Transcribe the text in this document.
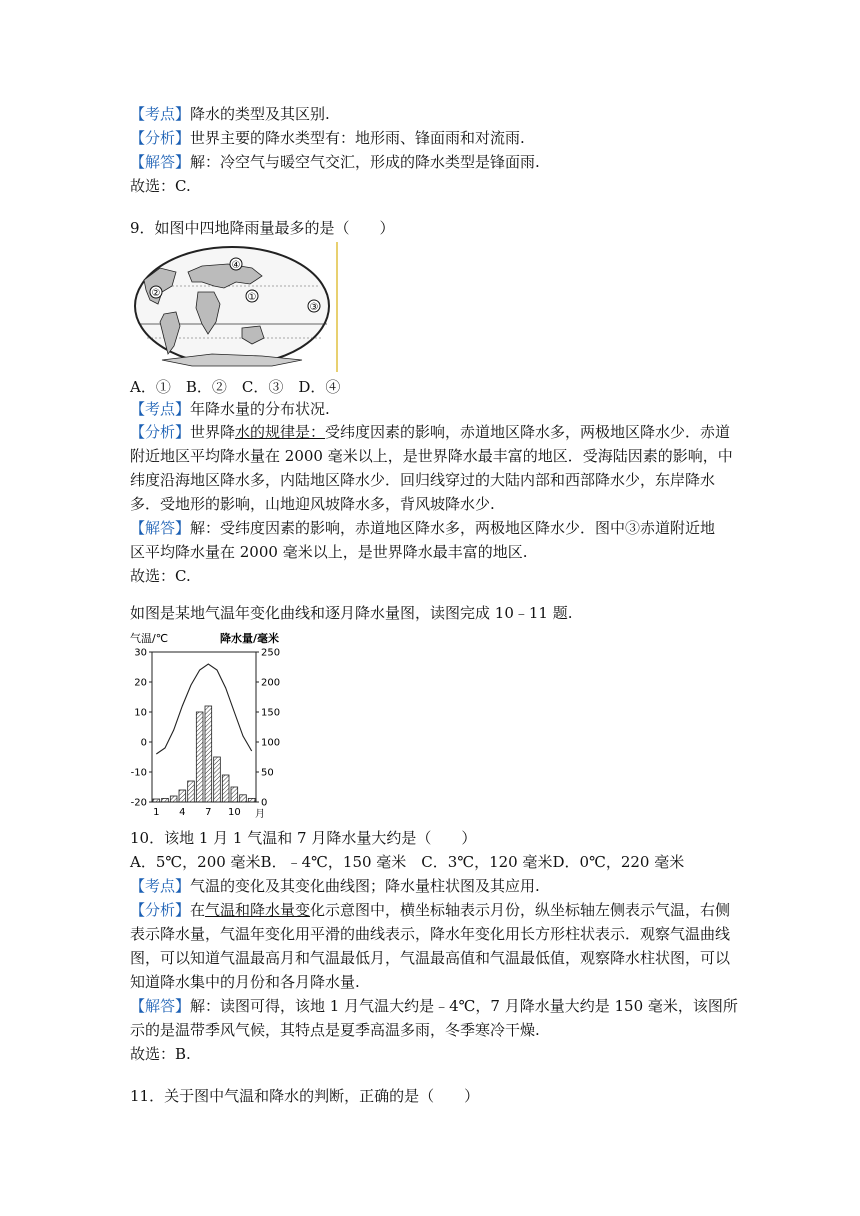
【考点】降水的类型及其区别.
【分析】世界主要的降水类型有：地形雨、锋面雨和对流雨.
【解答】解：冷空气与暖空气交汇，形成的降水类型是锋面雨.
故选：C.
9．如图中四地降雨量最多的是（　　）
①
②
③
④
A．①　B．②　C．③　D．④
【考点】年降水量的分布状况.
【分析】世界降水的规律是：受纬度因素的影响，赤道地区降水多，两极地区降水少．赤道
附近地区平均降水量在 2000 毫米以上，是世界降水最丰富的地区．受海陆因素的影响，中
纬度沿海地区降水多，内陆地区降水少．回归线穿过的大陆内部和西部降水少，东岸降水
多．受地形的影响，山地迎风坡降水多，背风坡降水少.
【解答】解：受纬度因素的影响，赤道地区降水多，两极地区降水少．图中③赤道附近地
区平均降水量在 2000 毫米以上，是世界降水最丰富的地区.
故选：C.
如图是某地气温年变化曲线和逐月降水量图，读图完成 10﹣11 题.
气温/℃	降水量/毫米
30
20
10
0
-10
-20
250
200
150
100
50
0
1 4 7 10 月
10．该地 1 月 1 气温和 7 月降水量大约是（　　）
A．5℃，200 毫米B．﹣4℃，150 毫米　C．3℃，120 毫米D．0℃，220 毫米
【考点】气温的变化及其变化曲线图；降水量柱状图及其应用.
【分析】在气温和降水量变化示意图中，横坐标轴表示月份，纵坐标轴左侧表示气温，右侧
表示降水量，气温年变化用平滑的曲线表示，降水年变化用长方形柱状表示．观察气温曲线
图，可以知道气温最高月和气温最低月，气温最高值和气温最低值，观察降水柱状图，可以
知道降水集中的月份和各月降水量.
【解答】解：读图可得，该地 1 月气温大约是﹣4℃，7 月降水量大约是 150 毫米，该图所
示的是温带季风气候，其特点是夏季高温多雨，冬季寒冷干燥.
故选：B.
11．关于图中气温和降水的判断，正确的是（　　）
